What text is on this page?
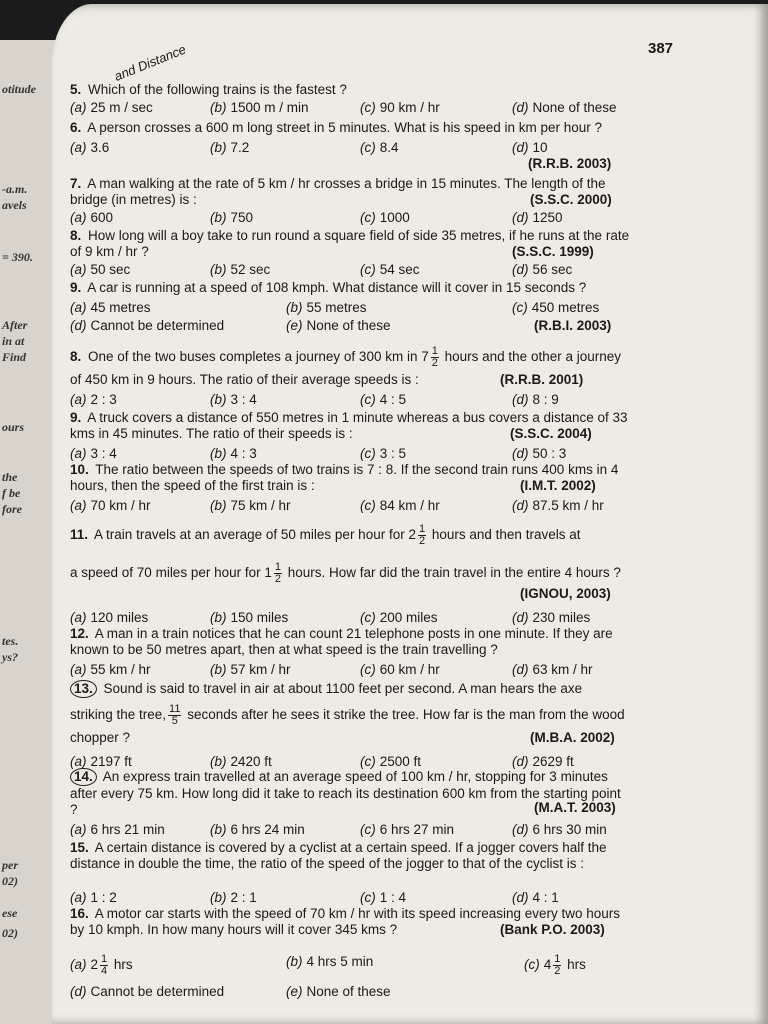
otitude
-a.m.
avels
= 390.
After
in at
Find
ours
the
f be
fore
tes.
ys?
per
02)
ese
02)
387
and Distance
5. Which of the following trains is the fastest ?
(a) 25 m / sec	(b) 1500 m / min	(c) 90 km / hr	(d) None of these
6. A person crosses a 600 m long street in 5 minutes. What is his speed in km per hour ?
(a) 3.6	(b) 7.2	(c) 8.4	(d) 10
(R.R.B. 2003)
7. A man walking at the rate of 5 km / hr crosses a bridge in 15 minutes. The length of the bridge (in metres) is :	(S.S.C. 2000)
(a) 600	(b) 750	(c) 1000	(d) 1250
8. How long will a boy take to run round a square field of side 35 metres, if he runs at the rate of 9 km / hr ?	(S.S.C. 1999)
(a) 50 sec	(b) 52 sec	(c) 54 sec	(d) 56 sec
9. A car is running at a speed of 108 kmph. What distance will it cover in 15 seconds ?
(a) 45 metres	(b) 55 metres	(c) 450 metres
(d) Cannot be determined	(e) None of these	(R.B.I. 2003)
8. One of the two buses completes a journey of 300 km in $7 \frac{1}{2}$ hours and the other a journey of 450 km in 9 hours. The ratio of their average speeds is :	(R.R.B. 2001)
(a) 2 : 3	(b) 3 : 4	(c) 4 : 5	(d) 8 : 9
9. A truck covers a distance of 550 metres in 1 minute whereas a bus covers a distance of 33 kms in 45 minutes. The ratio of their speeds is :	(S.S.C. 2004)
(a) 3 : 4	(b) 4 : 3	(c) 3 : 5	(d) 50 : 3
10. The ratio between the speeds of two trains is 7 : 8. If the second train runs 400 kms in 4 hours, then the speed of the first train is :	(I.M.T. 2002)
(a) 70 km / hr	(b) 75 km / hr	(c) 84 km / hr	(d) 87.5 km / hr
11. A train travels at an average of 50 miles per hour for $2 \frac{1}{2}$ hours and then travels at
a speed of 70 miles per hour for $1 \frac{1}{2}$ hours. How far did the train travel in the entire 4 hours ?
(IGNOU, 2003)
(a) 120 miles	(b) 150 miles	(c) 200 miles	(d) 230 miles
12. A man in a train notices that he can count 21 telephone posts in one minute. If they are known to be 50 metres apart, then at what speed is the train travelling ?
(a) 55 km / hr	(b) 57 km / hr	(c) 60 km / hr	(d) 63 km / hr
13. Sound is said to travel in air at about 1100 feet per second. A man hears the axe
striking the tree, $\frac{11}{5}$ seconds after he sees it strike the tree. How far is the man from the wood chopper ?	(M.B.A. 2002)
(a) 2197 ft	(b) 2420 ft	(c) 2500 ft	(d) 2629 ft
14. An express train travelled at an average speed of 100 km / hr, stopping for 3 minutes after every 75 km. How long did it take to reach its destination 600 km from the starting point ?	(M.A.T. 2003)
(a) 6 hrs 21 min	(b) 6 hrs 24 min	(c) 6 hrs 27 min	(d) 6 hrs 30 min
15. A certain distance is covered by a cyclist at a certain speed. If a jogger covers half the distance in double the time, the ratio of the speed of the jogger to that of the cyclist is :
(a) 1 : 2	(b) 2 : 1	(c) 1 : 4	(d) 4 : 1
16. A motor car starts with the speed of 70 km / hr with its speed increasing every two hours by 10 kmph. In how many hours will it cover 345 kms ?	(Bank P.O. 2003)
(a) $2 \frac{1}{4}$ hrs	(b) 4 hrs 5 min	(c) $4 \frac{1}{2}$ hrs
(d) Cannot be determined	(e) None of these
